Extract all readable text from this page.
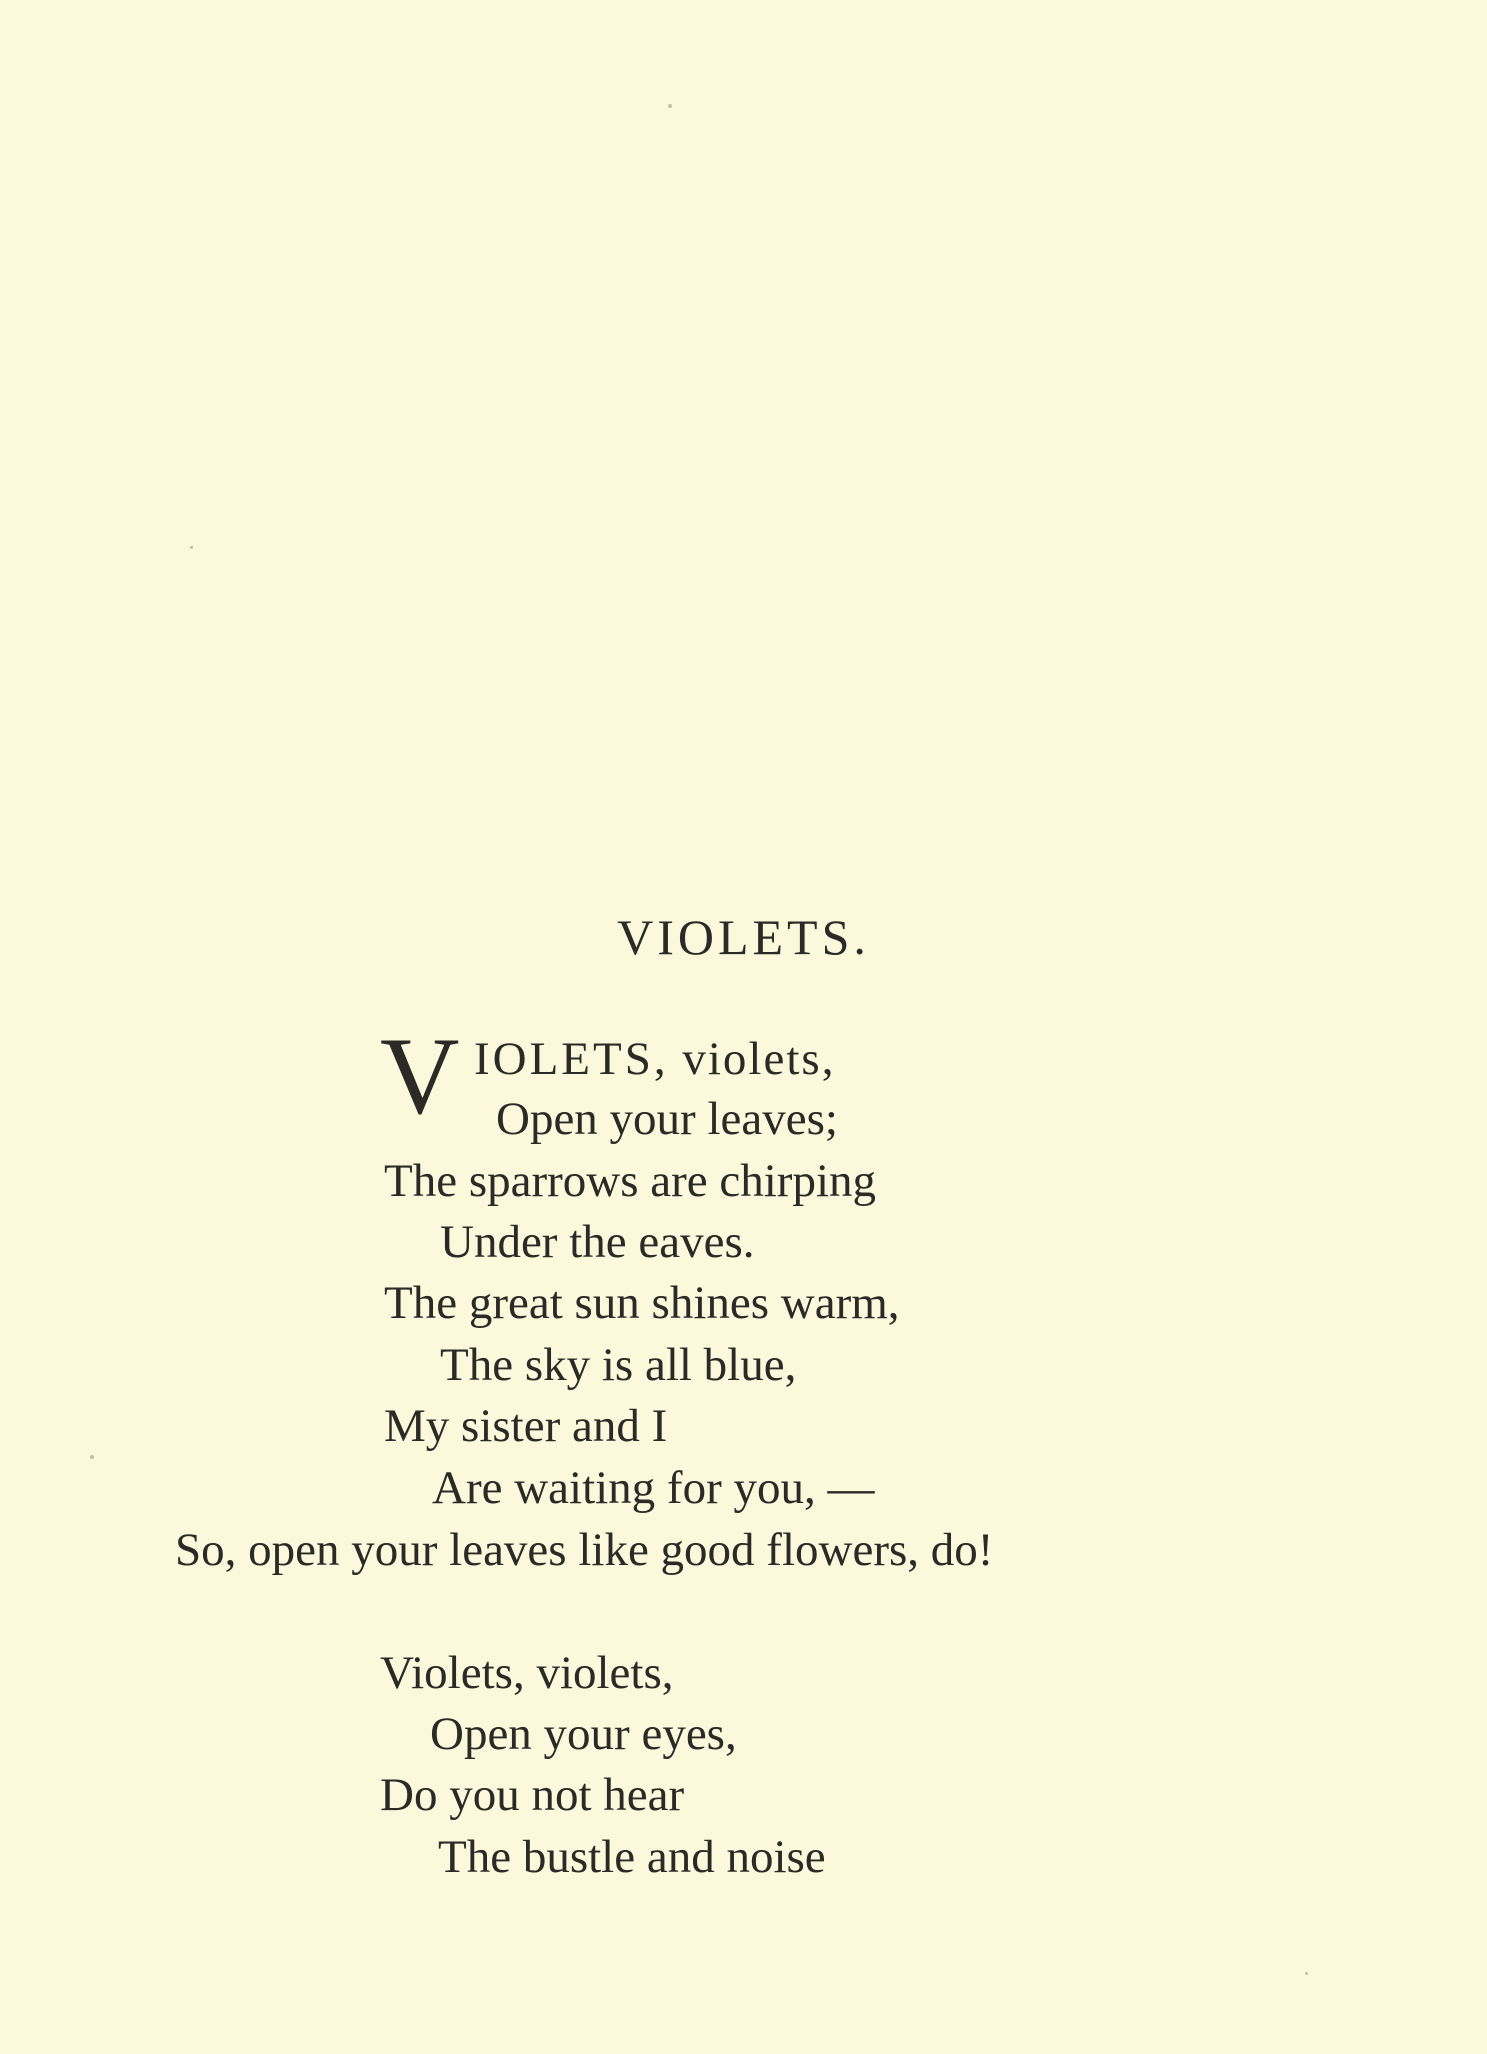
VIOLETS.
V IOLETS, violets,
Open your leaves;
The sparrows are chirping
Under the eaves.
The great sun shines warm,
The sky is all blue,
My sister and I
Are waiting for you, —
So, open your leaves like good flowers, do!
Violets, violets,
Open your eyes,
Do you not hear
The bustle and noise
